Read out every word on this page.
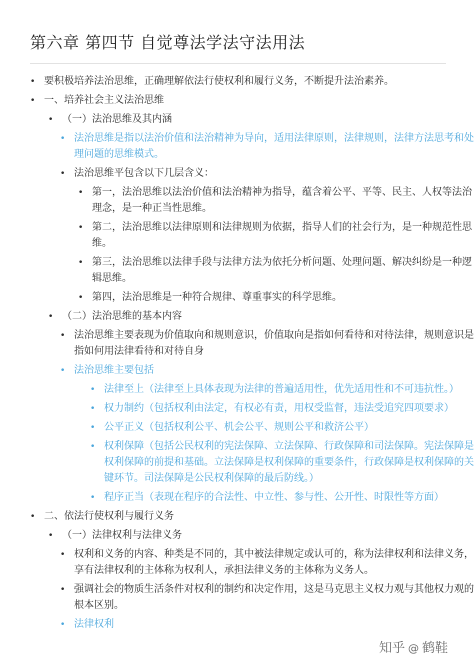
第六章 第四节 自觉尊法学法守法用法
• 要积极培养法治思维，正确理解依法行使权利和履行义务，不断提升法治素养。
• 一、培养社会主义法治思维
• （一）法治思维及其内涵
• 法治思维是指以法治价值和法治精神为导向，适用法律原则，法律规则，法律方法思考和处理问题的思维模式。
• 法治思维平包含以下几层含义：
• 第一，法治思维以法治价值和法治精神为指导，蕴含着公平、平等、民主、人权等法治理念，是一种正当性思维。
• 第二，法治思维以法律原则和法律规则为依据，指导人们的社会行为，是一种规范性思维。
• 第三，法治思维以法律手段与法律方法为依托分析问题、处理问题、解决纠纷是一种逻辑思维。
• 第四，法治思维是一种符合规律、尊重事实的科学思维。
• （二）法治思维的基本内容
• 法治思维主要表现为价值取向和规则意识，价值取向是指如何看待和对待法律，规则意识是指如何用法律看待和对待自身
• 法治思维主要包括
• 法律至上（法律至上具体表现为法律的普遍适用性，优先适用性和不可违抗性。）
• 权力制约（包括权利由法定，有权必有责，用权受监督，违法受追究四项要求）
• 公平正义（包括权利公平、机会公平、规则公平和救济公平）
• 权利保障（包括公民权利的宪法保障、立法保障、行政保障和司法保障。宪法保障是权利保障的前提和基础。立法保障是权利保障的重要条件，行政保障是权利保障的关键环节。司法保障是公民权利保障的最后防线。）
• 程序正当（表现在程序的合法性、中立性、参与性、公开性、时限性等方面）
• 二、依法行使权利与履行义务
• （一）法律权利与法律义务
• 权利和义务的内容、种类是不同的，其中被法律规定或认可的，称为法律权利和法律义务，享有法律权利的主体称为权利人，承担法律义务的主体称为义务人。
• 强调社会的物质生活条件对权利的制约和决定作用，这是马克思主义权力观与其他权力观的根本区别。
• 法律权利
知乎 @ 鹤鞋
